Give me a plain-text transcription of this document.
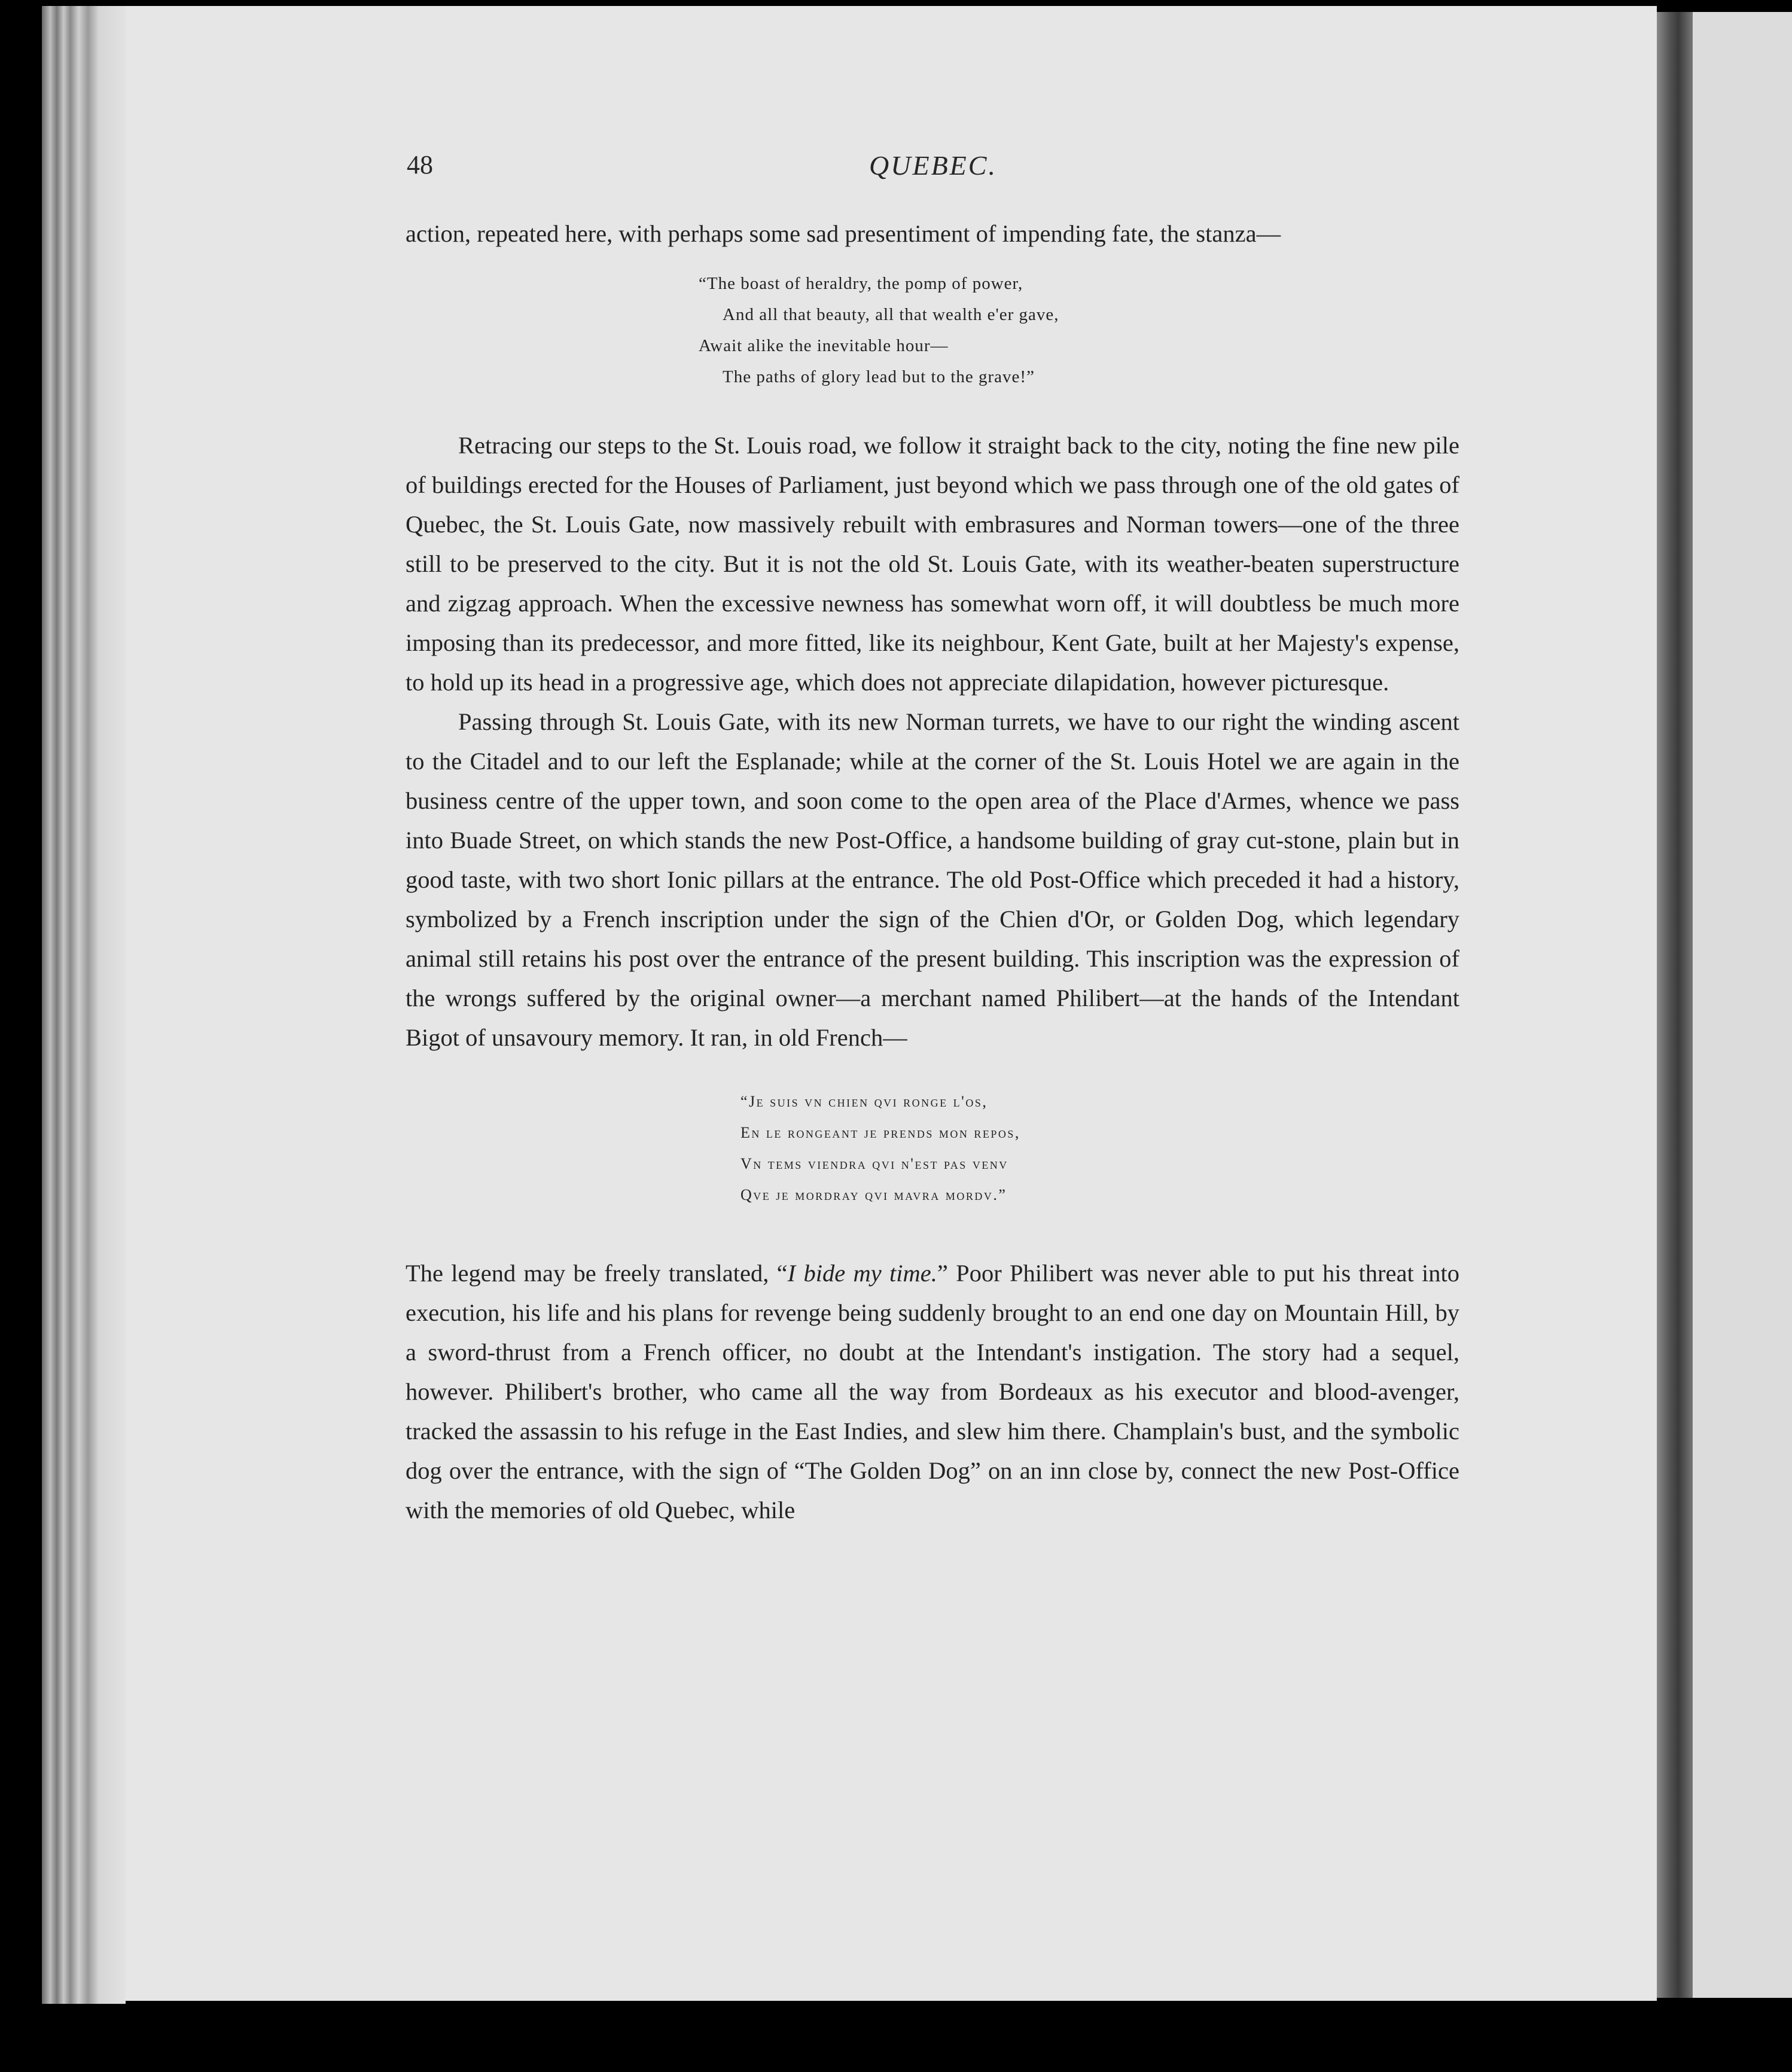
48	QUEBEC.

action, repeated here, with perhaps some sad presentiment of impending fate, the stanza—

“The boast of heraldry, the pomp of power,
And all that beauty, all that wealth e'er gave,
Await alike the inevitable hour—
The paths of glory lead but to the grave!”

Retracing our steps to the St. Louis road, we follow it straight back to the city, noting the fine new pile of buildings erected for the Houses of Parliament, just beyond which we pass through one of the old gates of Quebec, the St. Louis Gate, now massively rebuilt with embrasures and Norman towers—one of the three still to be preserved to the city. But it is not the old St. Louis Gate, with its weather-beaten superstructure and zigzag approach. When the excessive newness has somewhat worn off, it will doubtless be much more imposing than its predecessor, and more fitted, like its neighbour, Kent Gate, built at her Majesty's expense, to hold up its head in a progressive age, which does not appreciate dilapidation, however picturesque.

Passing through St. Louis Gate, with its new Norman turrets, we have to our right the winding ascent to the Citadel and to our left the Esplanade; while at the corner of the St. Louis Hotel we are again in the business centre of the upper town, and soon come to the open area of the Place d'Armes, whence we pass into Buade Street, on which stands the new Post-Office, a handsome building of gray cut-stone, plain but in good taste, with two short Ionic pillars at the entrance. The old Post-Office which preceded it had a history, symbolized by a French inscription under the sign of the Chien d'Or, or Golden Dog, which legendary animal still retains his post over the entrance of the present building. This inscription was the expression of the wrongs suffered by the original owner—a merchant named Philibert—at the hands of the Intendant Bigot of unsavoury memory. It ran, in old French—

“Je suis vn chien qvi ronge l'os,
En le rongeant je prends mon repos,
Vn tems viendra qvi n'est pas venv
Qve je mordray qvi mavra mordv.”

The legend may be freely translated, “I bide my time.” Poor Philibert was never able to put his threat into execution, his life and his plans for revenge being suddenly brought to an end one day on Mountain Hill, by a sword-thrust from a French officer, no doubt at the Intendant's instigation. The story had a sequel, however. Philibert's brother, who came all the way from Bordeaux as his executor and blood-avenger, tracked the assassin to his refuge in the East Indies, and slew him there. Champlain's bust, and the symbolic dog over the entrance, with the sign of “The Golden Dog” on an inn close by, connect the new Post-Office with the memories of old Quebec, while
